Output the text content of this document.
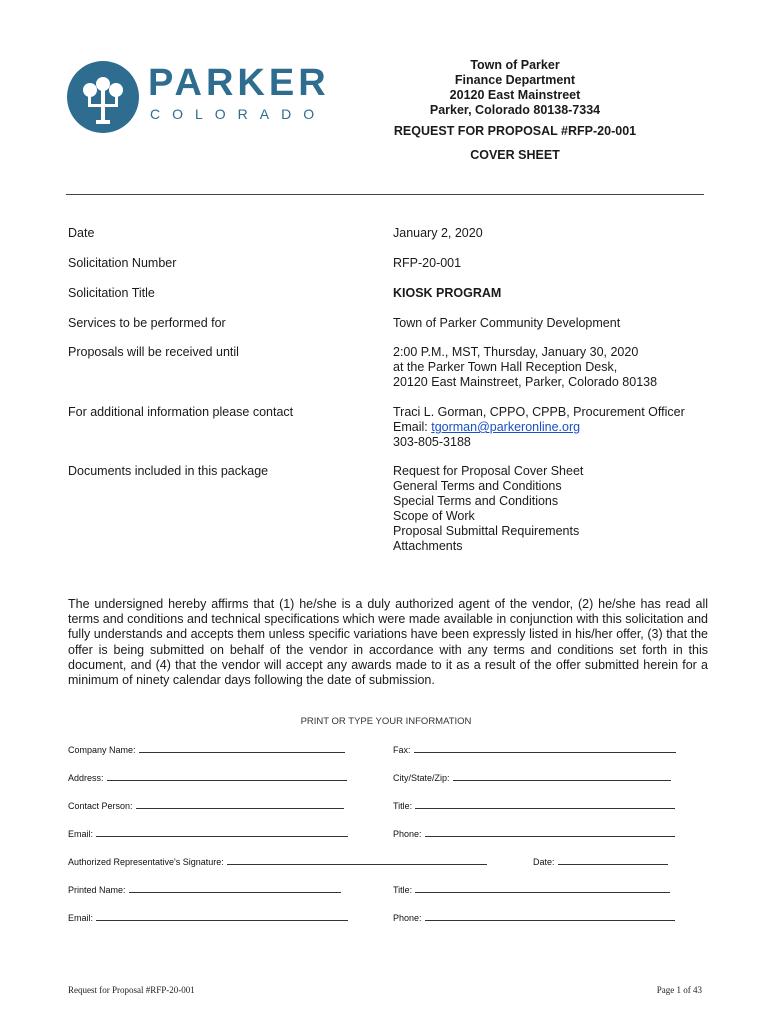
PARKER
COLORADO
Town of Parker
Finance Department
20120 East Mainstreet
Parker, Colorado 80138-7334
REQUEST FOR PROPOSAL #RFP-20-001
COVER SHEET
Date	January 2, 2020
Solicitation Number	RFP-20-001
Solicitation Title	KIOSK PROGRAM
Services to be performed for	Town of Parker Community Development
Proposals will be received until	2:00 P.M., MST, Thursday, January 30, 2020
at the Parker Town Hall Reception Desk,
20120 East Mainstreet, Parker, Colorado 80138
For additional information please contact	Traci L. Gorman, CPPO, CPPB, Procurement Officer
Email: tgorman@parkeronline.org
303-805-3188
Documents included in this package	Request for Proposal Cover Sheet
General Terms and Conditions
Special Terms and Conditions
Scope of Work
Proposal Submittal Requirements
Attachments
The undersigned hereby affirms that (1) he/she is a duly authorized agent of the vendor, (2) he/she has read all terms and conditions and technical specifications which were made available in conjunction with this solicitation and fully understands and accepts them unless specific variations have been expressly listed in his/her offer, (3) that the offer is being submitted on behalf of the vendor in accordance with any terms and conditions set forth in this document, and (4) that the vendor will accept any awards made to it as a result of the offer submitted herein for a minimum of ninety calendar days following the date of submission.
PRINT OR TYPE YOUR INFORMATION
Company Name:	Fax:
Address:	City/State/Zip:
Contact Person:	Title:
Email:	Phone:
Authorized Representative's Signature:	Date:
Printed Name:	Title:
Email:	Phone:
Request for Proposal #RFP-20-001	Page 1 of 43
